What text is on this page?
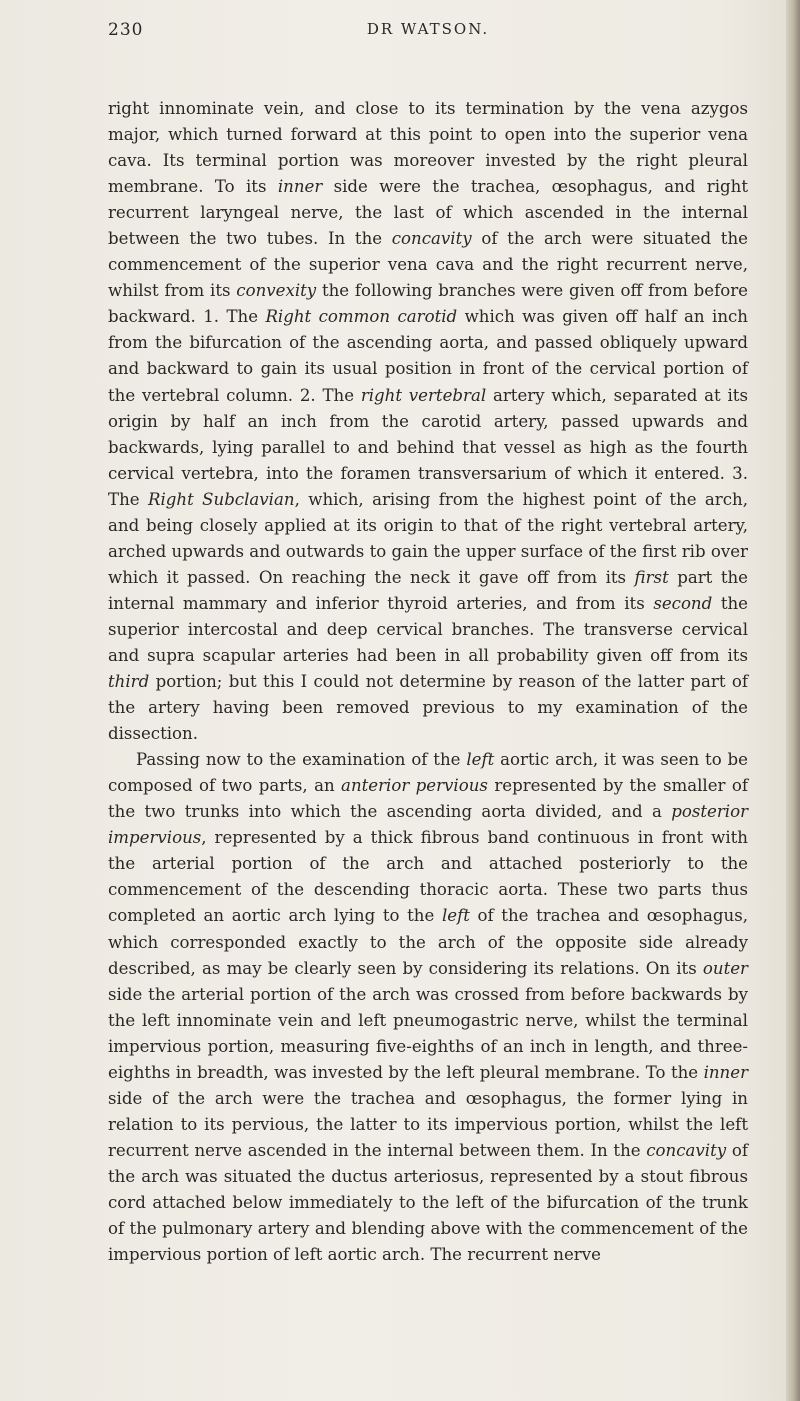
230	DR WATSON.

right innominate vein, and close to its termination by the vena azygos major, which turned forward at this point to open into the superior vena cava. Its terminal portion was moreover invested by the right pleural membrane. To its inner side were the trachea, œsophagus, and right recurrent laryngeal nerve, the last of which ascended in the internal between the two tubes. In the concavity of the arch were situated the commencement of the superior vena cava and the right recurrent nerve, whilst from its convexity the following branches were given off from before backward. 1. The Right common carotid which was given off half an inch from the bifurcation of the ascending aorta, and passed obliquely upward and backward to gain its usual position in front of the cervical portion of the vertebral column. 2. The right vertebral artery which, separated at its origin by half an inch from the carotid artery, passed upwards and backwards, lying parallel to and behind that vessel as high as the fourth cervical vertebra, into the foramen transversarium of which it entered. 3. The Right Subclavian, which, arising from the highest point of the arch, and being closely applied at its origin to that of the right vertebral artery, arched upwards and outwards to gain the upper surface of the first rib over which it passed. On reaching the neck it gave off from its first part the internal mammary and inferior thyroid arteries, and from its second the superior intercostal and deep cervical branches. The transverse cervical and supra scapular arteries had been in all probability given off from its third portion; but this I could not determine by reason of the latter part of the artery having been removed previous to my examination of the dissection.

Passing now to the examination of the left aortic arch, it was seen to be composed of two parts, an anterior pervious represented by the smaller of the two trunks into which the ascending aorta divided, and a posterior impervious, represented by a thick fibrous band continuous in front with the arterial portion of the arch and attached posteriorly to the commencement of the descending thoracic aorta. These two parts thus completed an aortic arch lying to the left of the trachea and œsophagus, which corresponded exactly to the arch of the opposite side already described, as may be clearly seen by considering its relations. On its outer side the arterial portion of the arch was crossed from before backwards by the left innominate vein and left pneumogastric nerve, whilst the terminal impervious portion, measuring five-eighths of an inch in length, and three-eighths in breadth, was invested by the left pleural membrane. To the inner side of the arch were the trachea and œsophagus, the former lying in relation to its pervious, the latter to its impervious portion, whilst the left recurrent nerve ascended in the internal between them. In the concavity of the arch was situated the ductus arteriosus, represented by a stout fibrous cord attached below immediately to the left of the bifurcation of the trunk of the pulmonary artery and blending above with the commencement of the impervious portion of left aortic arch. The recurrent nerve
